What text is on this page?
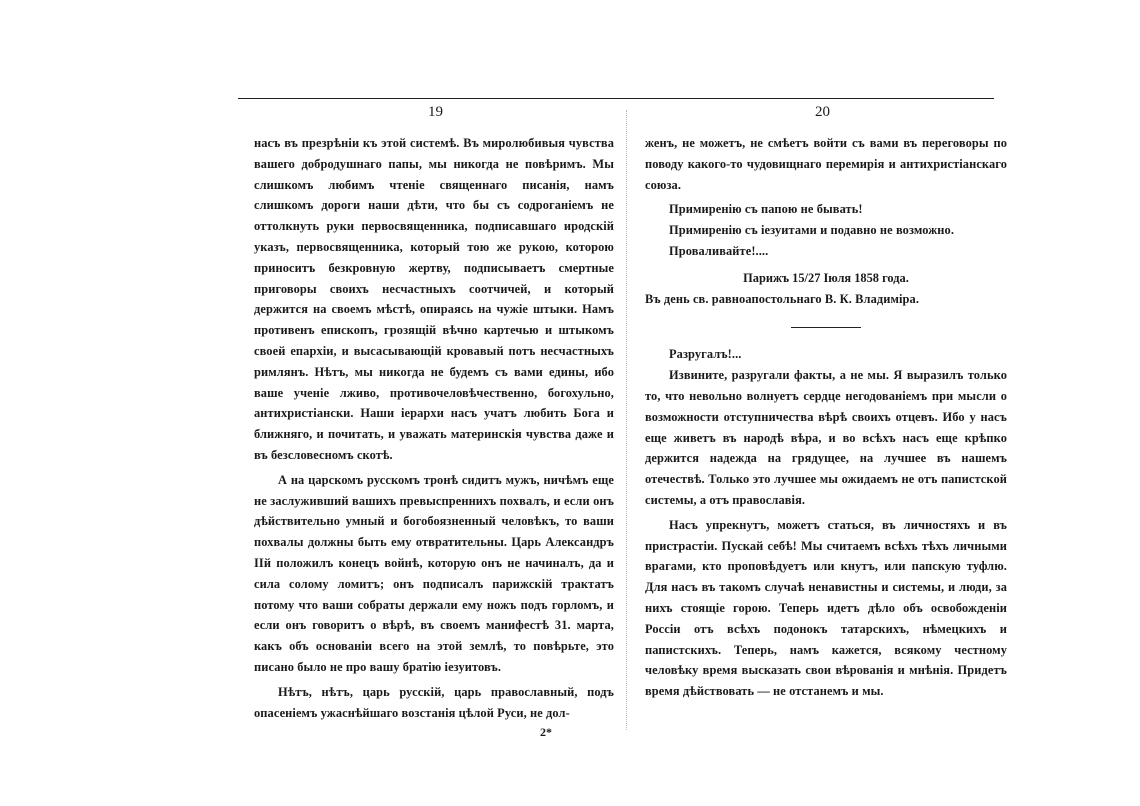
19	20

насъ въ презрѣнiи къ этой системѣ. Въ миролюбивыя чувства вашего добродушнаго папы, мы никогда не повѣримъ. Мы слишкомъ любимъ чтенiе священнаго писанiя, намъ слишкомъ дороги наши дѣти, что бы съ содроганiемъ не оттолкнуть руки первосвященника, подписавшаго иродскiй указъ, первосвященника, который тою же рукою, которою приноситъ безкровную жертву, подписываетъ смертные приговоры своихъ несчастныхъ соотчичей, и который держится на своемъ мѣстѣ, опираясь на чужiе штыки. Намъ противенъ епископъ, грозящiй вѣчно картечью и штыкомъ своей епархiи, и высасывающiй кровавый потъ несчастныхъ римлянъ. Нѣтъ, мы никогда не будемъ съ вами едины, ибо ваше ученiе лживо, противочеловѣчественно, богохульно, антихристiански. Наши iерархи насъ учатъ любить Бога и ближняго, и почитать, и уважать материнскiя чувства даже и въ безсловесномъ скотѣ.

А на царскомъ русскомъ тронѣ сидитъ мужъ, ничѣмъ еще не заслуживший вашихъ превыспреннихъ похвалъ, и если онъ дѣйствительно умный и богобоязненный человѣкъ, то ваши похвалы должны быть ему отвратительны. Царь Александръ IIй положилъ конецъ войнѣ, которую онъ не начиналъ, да и сила солому ломитъ; онъ подписалъ парижскiй трактатъ потому что ваши собраты держали ему ножъ подъ горломъ, и если онъ говоритъ о вѣрѣ, въ своемъ манифестѣ 31. марта, какъ объ основанiи всего на этой землѣ, то повѣрьте, это писано было не про вашу братiю iезуитовъ.

Нѣтъ, нѣтъ, царь русскiй, царь православный, подъ опасенiемъ ужаснѣйшаго возстанiя цѣлой Руси, не дол-

2*

женъ, не можетъ, не смѣетъ войти съ вами въ переговоры по поводу какого-то чудовищнаго перемирiя и антихристiанскаго союза.

Примиренiю съ папою не бывать!

Примиренiю съ iезуитами и подавно не возможно.

Проваливайте!....

Парижъ 15/27 Iюля 1858 года.

Въ день св. равноапостольнаго В. К. Владимiра.

Разругалъ!...

Извините, разругали факты, а не мы. Я выразилъ только то, что невольно волнуетъ сердце негодованiемъ при мысли о возможности отступничества вѣрѣ своихъ отцевъ. Ибо у насъ еще живетъ въ народѣ вѣра, и во всѣхъ насъ еще крѣпко держится надежда на грядущее, на лучшее въ нашемъ отечествѣ. Только это лучшее мы ожидаемъ не отъ папистской системы, а отъ православiя.

Насъ упрекнутъ, можетъ статься, въ личностяхъ и въ пристрастiи. Пускай себѣ! Мы считаемъ всѣхъ тѣхъ личными врагами, кто проповѣдуетъ или кнутъ, или папскую туфлю. Для насъ въ такомъ случаѣ ненавистны и системы, и люди, за нихъ стоящiе горою. Теперь идетъ дѣло объ освобожденiи Россiи отъ всѣхъ подонокъ татарскихъ, нѣмецкихъ и папистскихъ. Теперь, намъ кажется, всякому честному человѣку время высказать свои вѣрованiя и мнѣнiя. Придетъ время дѣйствовать — не отстанемъ и мы.
